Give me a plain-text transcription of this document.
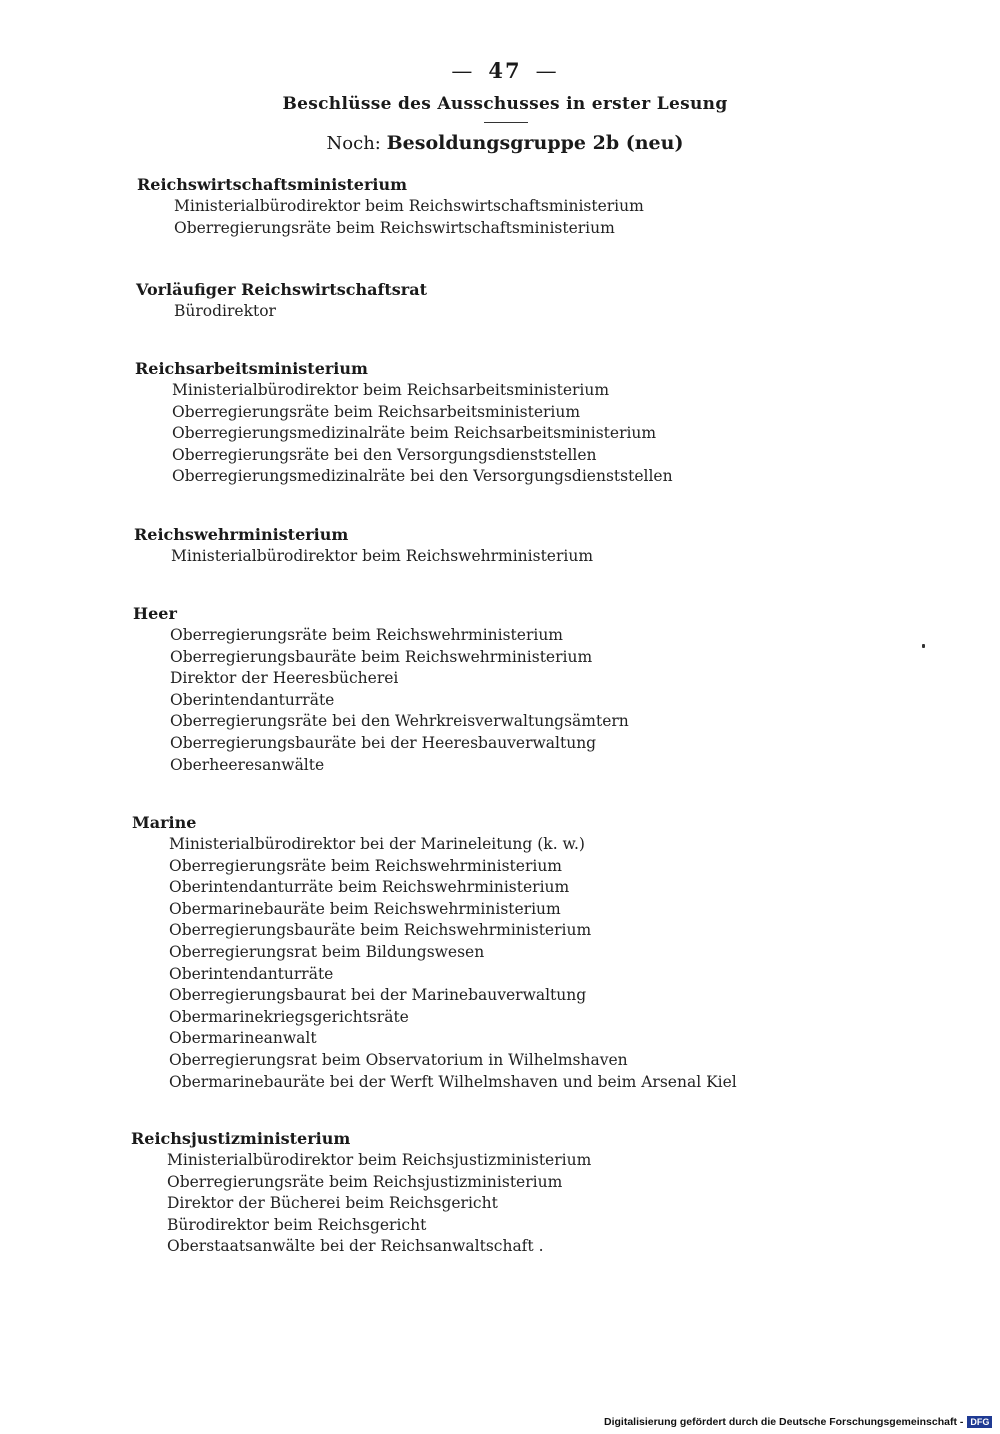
— 47 —
Beschlüsse des Ausschusses in erster Lesung
Noch: Besoldungsgruppe 2b (neu)
Reichswirtschaftsministerium
Ministerialbürodirektor beim Reichswirtschaftsministerium
Oberregierungsräte beim Reichswirtschaftsministerium
Vorläufiger Reichswirtschaftsrat
Bürodirektor
Reichsarbeitsministerium
Ministerialbürodirektor beim Reichsarbeitsministerium
Oberregierungsräte beim Reichsarbeitsministerium
Oberregierungsmedizinalräte beim Reichsarbeitsministerium
Oberregierungsräte bei den Versorgungsdienststellen
Oberregierungsmedizinalräte bei den Versorgungsdienststellen
Reichswehrministerium
Ministerialbürodirektor beim Reichswehrministerium
Heer
Oberregierungsräte beim Reichswehrministerium
Oberregierungsbauräte beim Reichswehrministerium
Direktor der Heeresbücherei
Oberintendanturräte
Oberregierungsräte bei den Wehrkreisverwaltungsämtern
Oberregierungsbauräte bei der Heeresbauverwaltung
Oberheeresanwälte
Marine
Ministerialbürodirektor bei der Marineleitung (k. w.)
Oberregierungsräte beim Reichswehrministerium
Oberintendanturräte beim Reichswehrministerium
Obermarinebauräte beim Reichswehrministerium
Oberregierungsbauräte beim Reichswehrministerium
Oberregierungsrat beim Bildungswesen
Oberintendanturräte
Oberregierungsbaurat bei der Marinebauverwaltung
Obermarinekriegsgerichtsräte
Obermarineanwalt
Oberregierungsrat beim Observatorium in Wilhelmshaven
Obermarinebauräte bei der Werft Wilhelmshaven und beim Arsenal Kiel
Reichsjustizministerium
Ministerialbürodirektor beim Reichsjustizministerium
Oberregierungsräte beim Reichsjustizministerium
Direktor der Bücherei beim Reichsgericht
Bürodirektor beim Reichsgericht
Oberstaatsanwälte bei der Reichsanwaltschaft .
Digitalisierung gefördert durch die Deutsche Forschungsgemeinschaft - DFG
